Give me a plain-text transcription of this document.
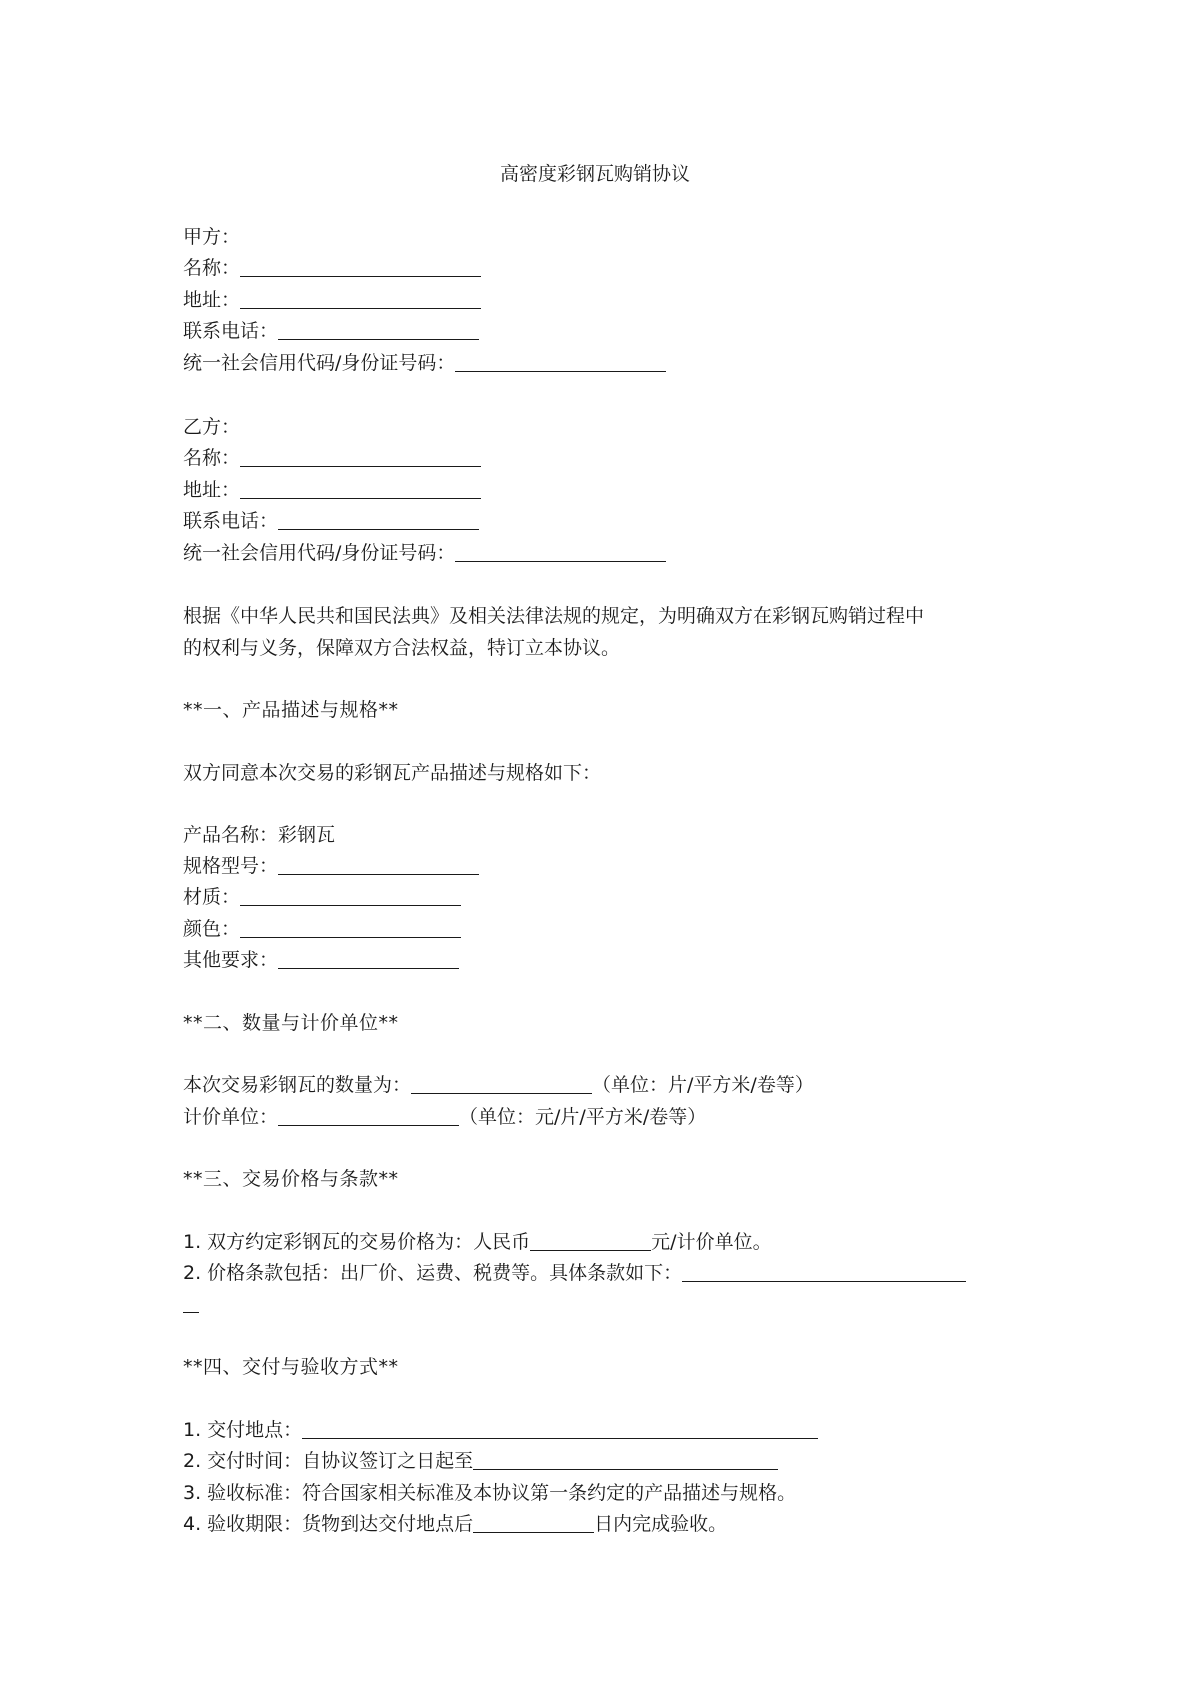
高密度彩钢瓦购销协议
甲方：
名称：
地址：
联系电话：
统一社会信用代码/身份证号码：
乙方：
名称：
地址：
联系电话：
统一社会信用代码/身份证号码：
根据《中华人民共和国民法典》及相关法律法规的规定，为明确双方在彩钢瓦购销过程中
的权利与义务，保障双方合法权益，特订立本协议。
**一、产品描述与规格**
双方同意本次交易的彩钢瓦产品描述与规格如下：
产品名称：彩钢瓦
规格型号：
材质：
颜色：
其他要求：
**二、数量与计价单位**
本次交易彩钢瓦的数量为：	（单位：片/平方米/卷等）
计价单位：	（单位：元/片/平方米/卷等）
**三、交易价格与条款**
1. 双方约定彩钢瓦的交易价格为：人民币	元/计价单位。
2. 价格条款包括：出厂价、运费、税费等。具体条款如下：
**四、交付与验收方式**
1. 交付地点：
2. 交付时间：自协议签订之日起至
3. 验收标准：符合国家相关标准及本协议第一条约定的产品描述与规格。
4. 验收期限：货物到达交付地点后	日内完成验收。
